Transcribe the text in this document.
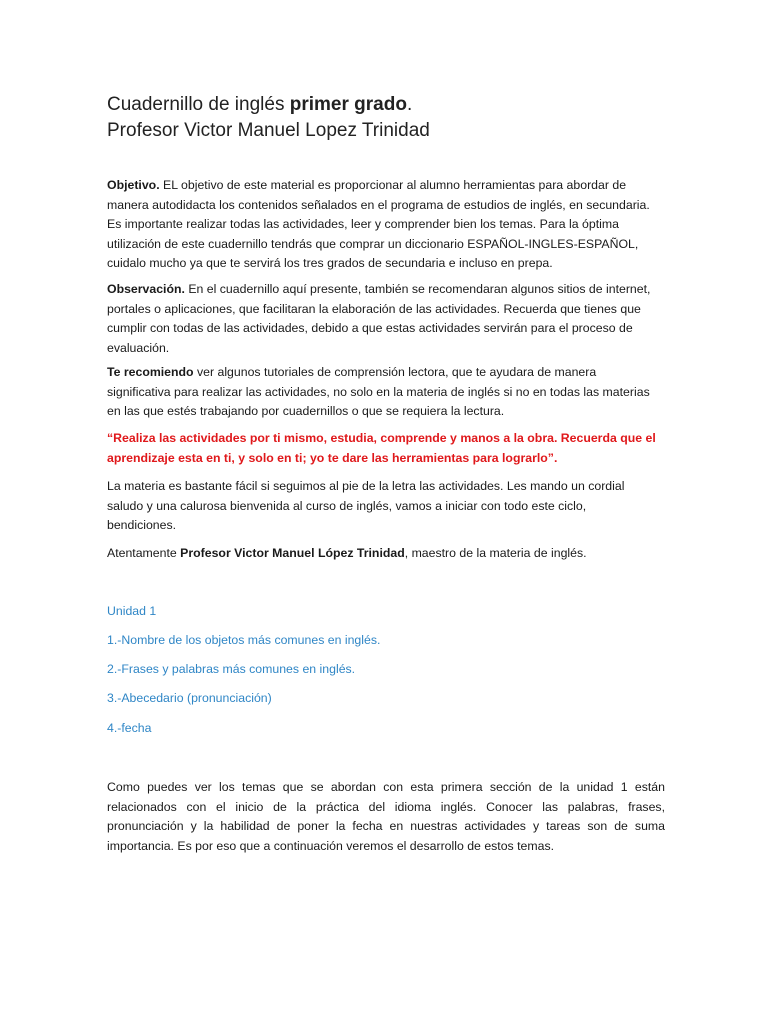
Cuadernillo de inglés primer grado.
Profesor Victor Manuel Lopez Trinidad
Objetivo. EL objetivo de este material es proporcionar al alumno herramientas para abordar de
manera autodidacta los contenidos señalados en el programa de estudios de inglés, en secundaria.
Es importante realizar todas las actividades, leer y comprender bien los temas. Para la óptima
utilización de este cuadernillo tendrás que comprar un diccionario ESPAÑOL-INGLES-ESPAÑOL,
cuidalo mucho ya que te servirá los tres grados de secundaria e incluso en prepa.
Observación. En el cuadernillo aquí presente, también se recomendaran algunos sitios de internet,
portales o aplicaciones, que facilitaran la elaboración de las actividades. Recuerda que tienes que
cumplir con todas de las actividades, debido a que estas actividades servirán para el proceso de
evaluación.
Te recomiendo ver algunos tutoriales de comprensión lectora, que te ayudara de manera
significativa para realizar las actividades, no solo en la materia de inglés si no en todas las materias
en las que estés trabajando por cuadernillos o que se requiera la lectura.
“Realiza las actividades por ti mismo, estudia, comprende y manos a la obra. Recuerda que el
aprendizaje esta en ti, y solo en ti; yo te dare las herramientas para lograrlo”.
La materia es bastante fácil si seguimos al pie de la letra las actividades. Les mando un cordial
saludo y una calurosa bienvenida al curso de inglés, vamos a iniciar con todo este ciclo,
bendiciones.
Atentamente Profesor Victor Manuel López Trinidad, maestro de la materia de inglés.
Unidad 1
1.-Nombre de los objetos más comunes en inglés.
2.-Frases y palabras más comunes en inglés.
3.-Abecedario (pronunciación)
4.-fecha
Como puedes ver los temas que se abordan con esta primera sección de la unidad 1 están
relacionados con el inicio de la práctica del idioma inglés. Conocer las palabras, frases,
pronunciación y la habilidad de poner la fecha en nuestras actividades y tareas son de suma
importancia. Es por eso que a continuación veremos el desarrollo de estos temas.
